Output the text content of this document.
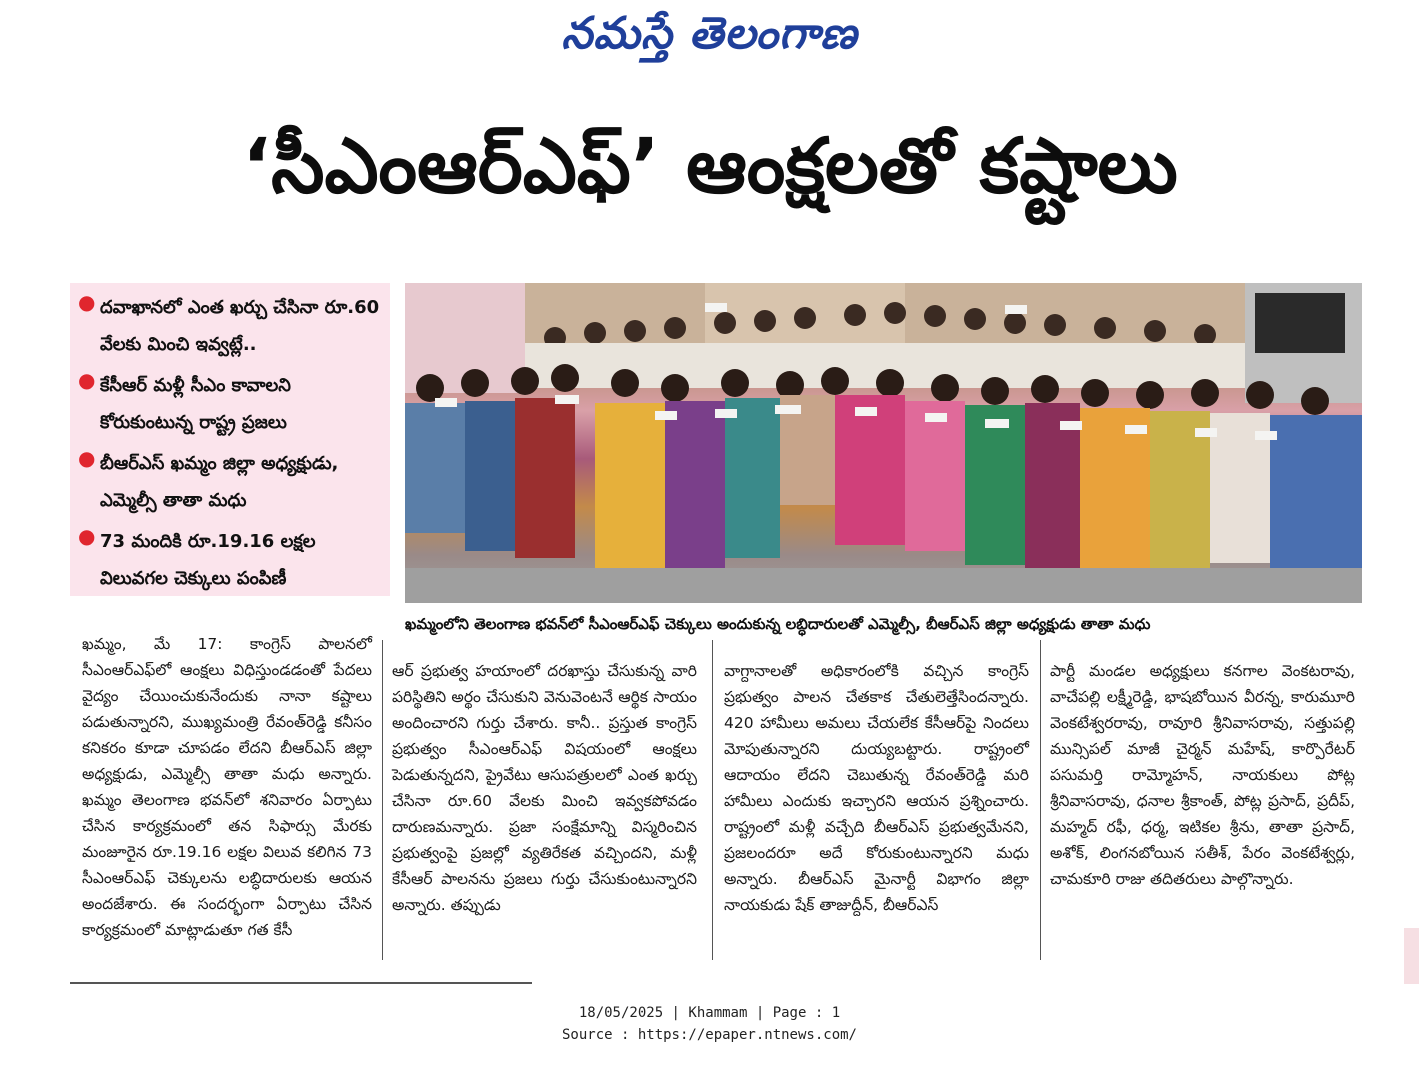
నమస్తే తెలంగాణ
‘సీఎంఆర్‌ఎఫ్’ ఆంక్షలతో కష్టాలు
● దవాఖానలో ఎంత ఖర్చు చేసినా రూ.60 వేలకు మించి ఇవ్వట్లే..
● కేసీఆర్ మళ్లీ సీఎం కావాలని కోరుకుంటున్న రాష్ట్ర ప్రజలు
● బీఆర్ఎస్ ఖమ్మం జిల్లా అధ్యక్షుడు, ఎమ్మెల్సీ తాతా మధు
● 73 మందికి రూ.19.16 లక్షల విలువగల చెక్కులు పంపిణీ
ఖమ్మంలోని తెలంగాణ భవన్‌లో సీఎంఆర్‌ఎఫ్ చెక్కులు అందుకున్న లబ్ధిదారులతో ఎమ్మెల్సీ, బీఆర్ఎస్ జిల్లా అధ్యక్షుడు తాతా మధు

ఖమ్మం, మే 17: కాంగ్రెస్ పాలనలో సీఎంఆర్ఎఫ్‌లో ఆంక్షలు విధిస్తుండడంతో పేదలు వైద్యం చేయించుకునేందుకు నానా కష్టాలు పడుతున్నారని, ముఖ్యమంత్రి రేవంత్‌రెడ్డి కనీసం కనికరం కూడా చూపడం లేదని బీఆర్ఎస్ జిల్లా అధ్యక్షుడు, ఎమ్మెల్సీ తాతా మధు అన్నారు. ఖమ్మం తెలంగాణ భవన్‌లో శనివారం ఏర్పాటు చేసిన కార్యక్రమంలో తన సిఫార్సు మేరకు మంజూరైన రూ.19.16 లక్షల విలువ కలిగిన 73 సీఎంఆర్ఎఫ్ చెక్కులను లబ్ధిదారులకు ఆయన అందజేశారు. ఈ సందర్భంగా ఏర్పాటు చేసిన కార్యక్రమంలో మాట్లాడుతూ గత కేసీ

ఆర్ ప్రభుత్వ హయాంలో దరఖాస్తు చేసుకున్న వారి పరిస్థితిని అర్థం చేసుకుని వెనువెంటనే ఆర్థిక సాయం అందించారని గుర్తు చేశారు. కానీ.. ప్రస్తుత కాంగ్రెస్ ప్రభుత్వం సీఎంఆర్ఎఫ్ విషయంలో ఆంక్షలు పెడుతున్నదని, ప్రైవేటు ఆసుపత్రులలో ఎంత ఖర్చు చేసినా రూ.60 వేలకు మించి ఇవ్వకపోవడం దారుణమన్నారు. ప్రజా సంక్షేమాన్ని విస్మరించిన ప్రభుత్వంపై ప్రజల్లో వ్యతిరేకత వచ్చిందని, మళ్లీ కేసీఆర్ పాలనను ప్రజలు గుర్తు చేసుకుంటున్నారని అన్నారు. తప్పుడు

వాగ్దానాలతో అధికారంలోకి వచ్చిన కాంగ్రెస్ ప్రభుత్వం పాలన చేతకాక చేతులెత్తేసిందన్నారు. 420 హామీలు అమలు చేయలేక కేసీఆర్‌పై నిందలు మోపుతున్నారని దుయ్యబట్టారు. రాష్ట్రంలో ఆదాయం లేదని చెబుతున్న రేవంత్‌రెడ్డి మరి హామీలు ఎందుకు ఇచ్చారని ఆయన ప్రశ్నించారు. రాష్ట్రంలో మళ్లీ వచ్చేది బీఆర్ఎస్ ప్రభుత్వమేనని, ప్రజలందరూ అదే కోరుకుంటున్నారని మధు అన్నారు. బీఆర్ఎస్ మైనార్టీ విభాగం జిల్లా నాయకుడు షేక్ తాజుద్దీన్, బీఆర్ఎస్

పార్టీ మండల అధ్యక్షులు కనగాల వెంకటరావు, వాచేపల్లి లక్ష్మీరెడ్డి, భాషబోయిన వీరన్న, కారుమూరి వెంకటేశ్వరరావు, రావూరి శ్రీనివాసరావు, సత్తుపల్లి మున్సిపల్ మాజీ చైర్మన్ మహేష్, కార్పొరేటర్ పసుమర్తి రామ్మోహన్, నాయకులు పోట్ల శ్రీనివాసరావు, ధనాల శ్రీకాంత్, పోట్ల ప్రసాద్, ప్రదీప్, మహ్మద్ రఫీ, ధర్మ, ఇటికల శ్రీను, తాతా ప్రసాద్, అశోక్, లింగనబోయిన సతీశ్, పేరం వెంకటేశ్వర్లు, చామకూరి రాజు తదితరులు పాల్గొన్నారు.

18/05/2025 | Khammam | Page : 1
Source : https://epaper.ntnews.com/
